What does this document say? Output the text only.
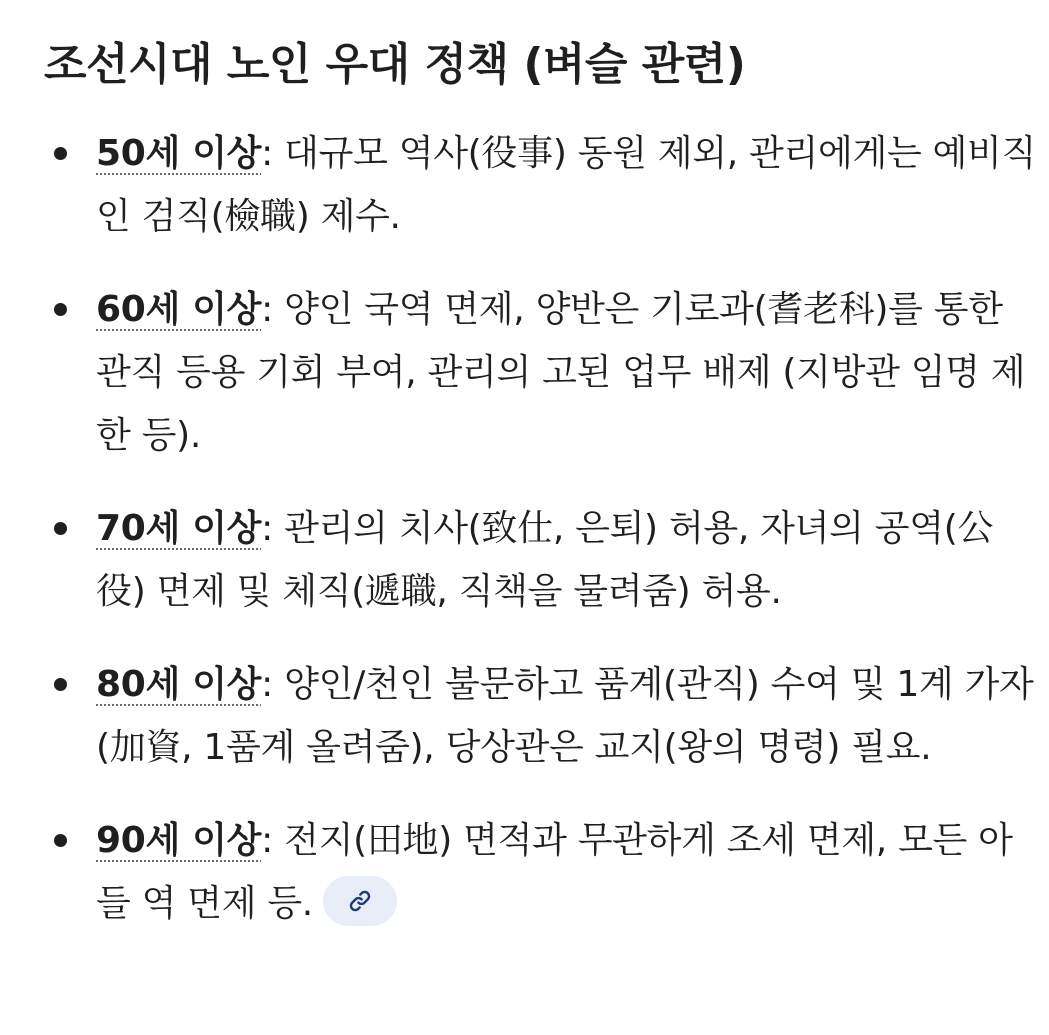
조선시대 노인 우대 정책 (벼슬 관련)
50세 이상: 대규모 역사(役事) 동원 제외, 관리에게는 예비직인 검직(檢職) 제수.
60세 이상: 양인 국역 면제, 양반은 기로과(耆老科)를 통한 관직 등용 기회 부여, 관리의 고된 업무 배제 (지방관 임명 제한 등).
70세 이상: 관리의 치사(致仕, 은퇴) 허용, 자녀의 공역(公役) 면제 및 체직(遞職, 직책을 물려줌) 허용.
80세 이상: 양인/천인 불문하고 품계(관직) 수여 및 1계 가자(加資, 1품계 올려줌), 당상관은 교지(왕의 명령) 필요.
90세 이상: 전지(田地) 면적과 무관하게 조세 면제, 모든 아들 역 면제 등.
